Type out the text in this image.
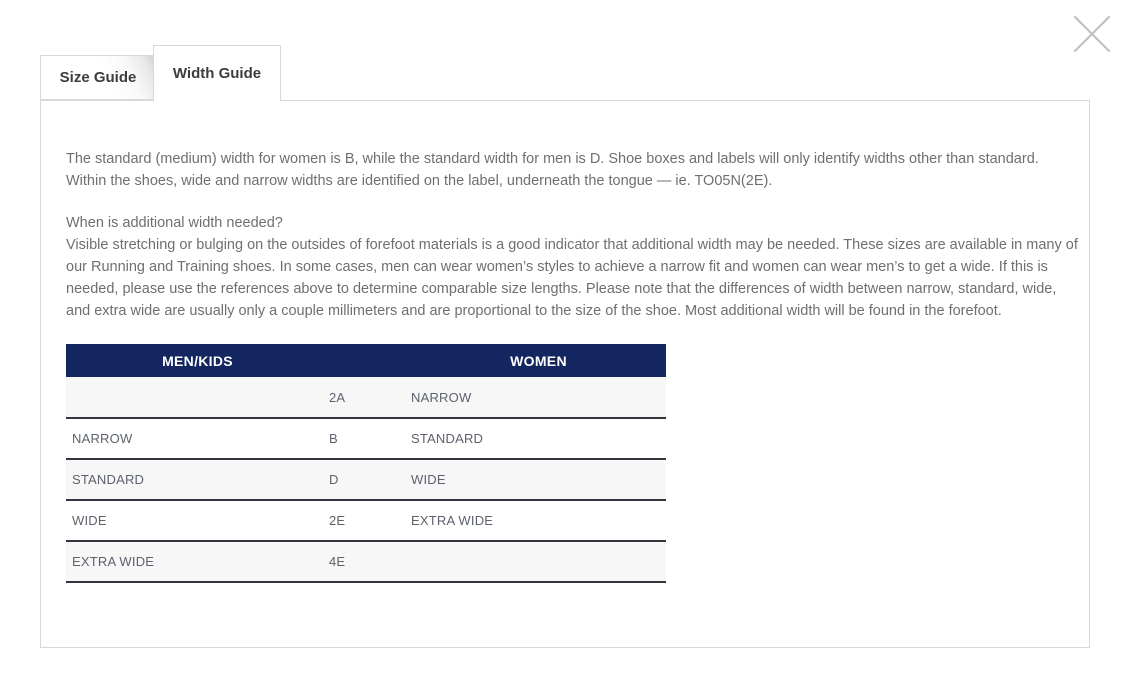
Size Guide Width Guide

The standard (medium) width for women is B, while the standard width for men is D. Shoe boxes and labels will only identify widths other than standard. Within the shoes, wide and narrow widths are identified on the label, underneath the tongue — ie. TO05N(2E).

When is additional width needed?

Visible stretching or bulging on the outsides of forefoot materials is a good indicator that additional width may be needed. These sizes are available in many of our Running and Training shoes. In some cases, men can wear women’s styles to achieve a narrow fit and women can wear men’s to get a wide. If this is needed, please use the references above to determine comparable size lengths. Please note that the differences of width between narrow, standard, wide, and extra wide are usually only a couple millimeters and are proportional to the size of the shoe. Most additional width will be found in the forefoot.

MEN/KIDS		WOMEN
	2A	NARROW
NARROW	B	STANDARD
STANDARD	D	WIDE
WIDE	2E	EXTRA WIDE
EXTRA WIDE	4E	
